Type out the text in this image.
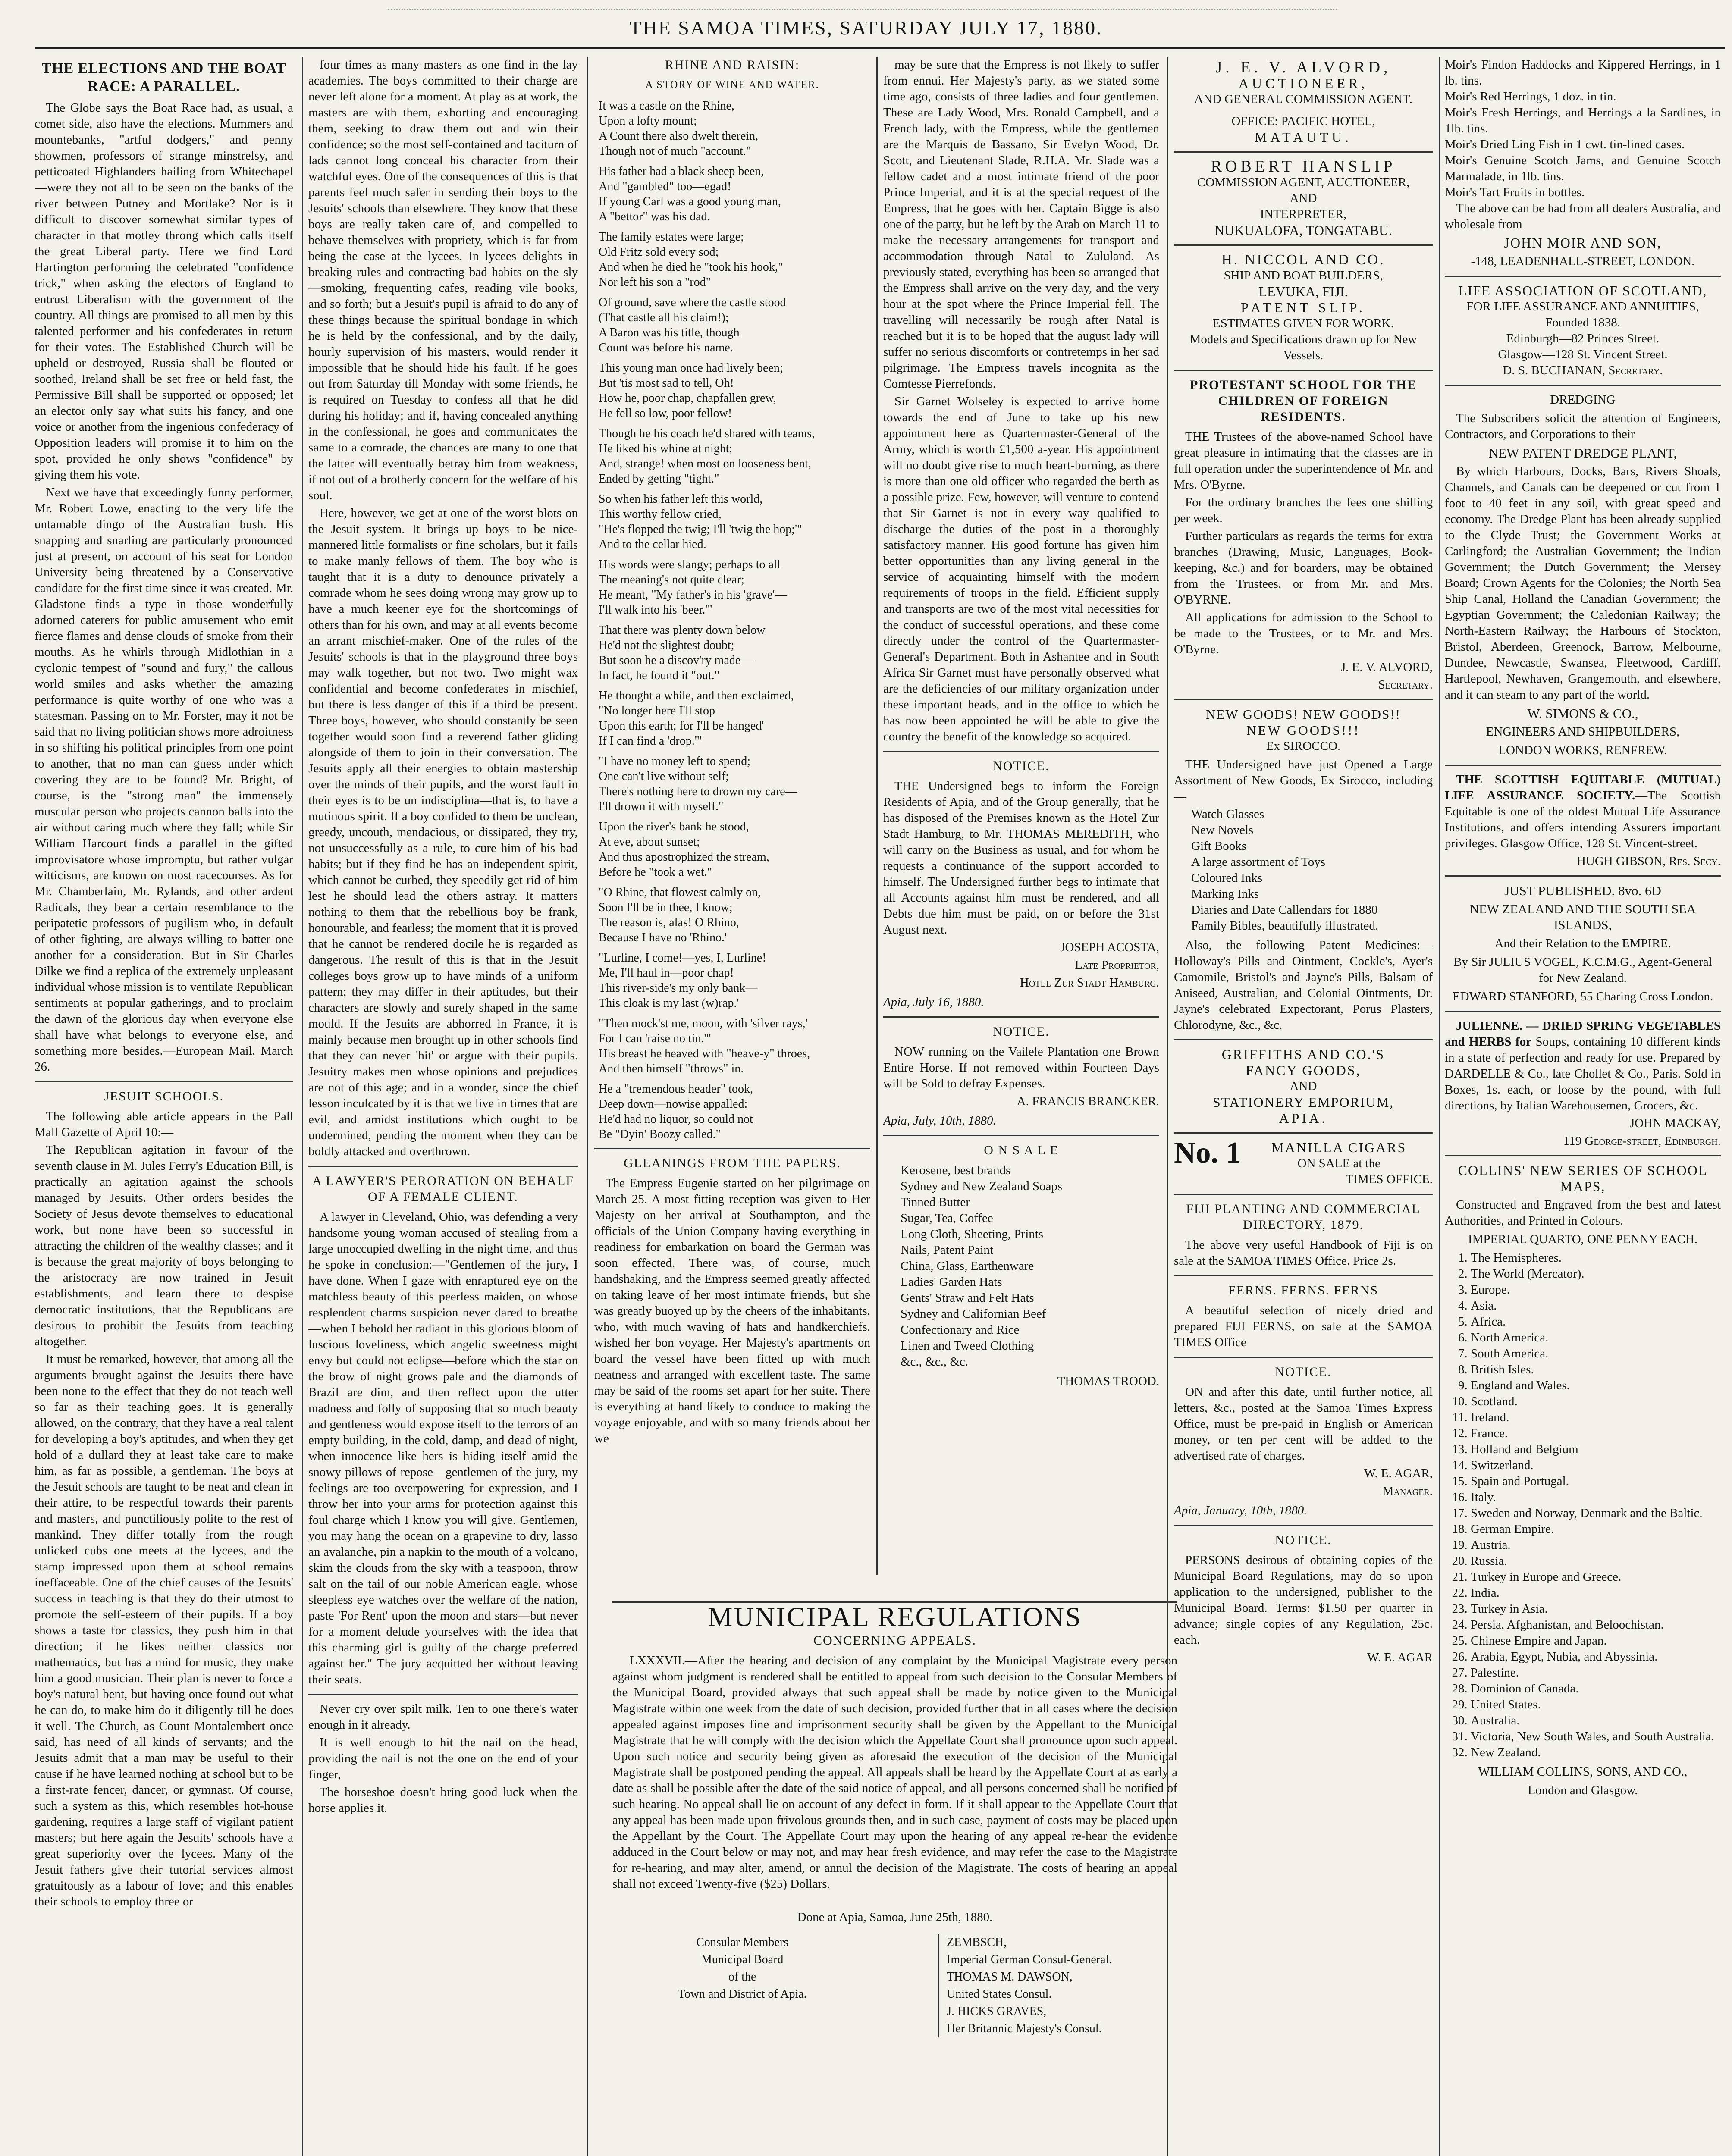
THE SAMOA TIMES, SATURDAY JULY 17, 1880.
THE ELECTIONS AND THE BOAT RACE: A PARALLEL.

The Globe says the Boat Race had, as usual, a comet side, also have the elections. Mummers and mountebanks, "artful dodgers," and penny showmen, professors of strange minstrelsy, and petticoated Highlanders hailing from Whitechapel—were they not all to be seen on the banks of the river between Putney and Mortlake? Nor is it difficult to discover somewhat similar types of character in that motley throng which calls itself the great Liberal party. Here we find Lord Hartington performing the celebrated "confidence trick," when asking the electors of England to entrust Liberalism with the government of the country. All things are promised to all men by this talented performer and his confederates in return for their votes. The Established Church will be upheld or destroyed, Russia shall be flouted or soothed, Ireland shall be set free or held fast, the Permissive Bill shall be supported or opposed; let an elector only say what suits his fancy, and one voice or another from the ingenious confederacy of Opposition leaders will promise it to him on the spot, provided he only shows "confidence" by giving them his vote.

Next we have that exceedingly funny performer, Mr. Robert Lowe, enacting to the very life the untamable dingo of the Australian bush. His snapping and snarling are particularly pronounced just at present, on account of his seat for London University being threatened by a Conservative candidate for the first time since it was created. Mr. Gladstone finds a type in those wonderfully adorned caterers for public amusement who emit fierce flames and dense clouds of smoke from their mouths. As he whirls through Midlothian in a cyclonic tempest of "sound and fury," the callous world smiles and asks whether the amazing performance is quite worthy of one who was a statesman. Passing on to Mr. Forster, may it not be said that no living politician shows more adroitness in so shifting his political principles from one point to another, that no man can guess under which covering they are to be found? Mr. Bright, of course, is the "strong man" the immensely muscular person who projects cannon balls into the air without caring much where they fall; while Sir William Harcourt finds a parallel in the gifted improvisatore whose impromptu, but rather vulgar witticisms, are known on most racecourses. As for Mr. Chamberlain, Mr. Rylands, and other ardent Radicals, they bear a certain resemblance to the peripatetic professors of pugilism who, in default of other fighting, are always willing to batter one another for a consideration. But in Sir Charles Dilke we find a replica of the extremely unpleasant individual whose mission is to ventilate Republican sentiments at popular gatherings, and to proclaim the dawn of the glorious day when everyone else shall have what belongs to everyone else, and something more besides.—European Mail, March 26.

JESUIT SCHOOLS.

The following able article appears in the Pall Mall Gazette of April 10:—

The Republican agitation in favour of the seventh clause in M. Jules Ferry's Education Bill, is practically an agitation against the schools managed by Jesuits. Other orders besides the Society of Jesus devote themselves to educational work, but none have been so successful in attracting the children of the wealthy classes; and it is because the great majority of boys belonging to the aristocracy are now trained in Jesuit establishments, and learn there to despise democratic institutions, that the Republicans are desirous to prohibit the Jesuits from teaching altogether.

It must be remarked, however, that among all the arguments brought against the Jesuits there have been none to the effect that they do not teach well so far as their teaching goes. It is generally allowed, on the contrary, that they have a real talent for developing a boy's aptitudes, and when they get hold of a dullard they at least take care to make him, as far as possible, a gentleman. The boys at the Jesuit schools are taught to be neat and clean in their attire, to be respectful towards their parents and masters, and punctiliously polite to the rest of mankind. They differ totally from the rough unlicked cubs one meets at the lycees, and the stamp impressed upon them at school remains ineffaceable. One of the chief causes of the Jesuits' success in teaching is that they do their utmost to promote the self-esteem of their pupils. If a boy shows a taste for classics, they push him in that direction; if he likes neither classics nor mathematics, but has a mind for music, they make him a good musician. Their plan is never to force a boy's natural bent, but having once found out what he can do, to make him do it diligently till he does it well. The Church, as Count Montalembert once said, has need of all kinds of servants; and the Jesuits admit that a man may be useful to their cause if he have learned nothing at school but to be a first-rate fencer, dancer, or gymnast. Of course, such a system as this, which resembles hot-house gardening, requires a large staff of vigilant patient masters; but here again the Jesuits' schools have a great superiority over the lycees. Many of the Jesuit fathers give their tutorial services almost gratuitously as a labour of love; and this enables their schools to employ three or

four times as many masters as one find in the lay academies. The boys committed to their charge are never left alone for a moment. At play as at work, the masters are with them, exhorting and encouraging them, seeking to draw them out and win their confidence; so the most self-contained and taciturn of lads cannot long conceal his character from their watchful eyes. One of the consequences of this is that parents feel much safer in sending their boys to the Jesuits' schools than elsewhere. They know that these boys are really taken care of, and compelled to behave themselves with propriety, which is far from being the case at the lycees. In lycees delights in breaking rules and contracting bad habits on the sly—smoking, frequenting cafes, reading vile books, and so forth; but a Jesuit's pupil is afraid to do any of these things because the spiritual bondage in which he is held by the confessional, and by the daily, hourly supervision of his masters, would render it impossible that he should hide his fault. If he goes out from Saturday till Monday with some friends, he is required on Tuesday to confess all that he did during his holiday; and if, having concealed anything in the confessional, he goes and communicates the same to a comrade, the chances are many to one that the latter will eventually betray him from weakness, if not out of a brotherly concern for the welfare of his soul.

Here, however, we get at one of the worst blots on the Jesuit system. It brings up boys to be nice-mannered little formalists or fine scholars, but it fails to make manly fellows of them. The boy who is taught that it is a duty to denounce privately a comrade whom he sees doing wrong may grow up to have a much keener eye for the shortcomings of others than for his own, and may at all events become an arrant mischief-maker. One of the rules of the Jesuits' schools is that in the playground three boys may walk together, but not two. Two might wax confidential and become confederates in mischief, but there is less danger of this if a third be present. Three boys, however, who should constantly be seen together would soon find a reverend father gliding alongside of them to join in their conversation. The Jesuits apply all their energies to obtain mastership over the minds of their pupils, and the worst fault in their eyes is to be un indisciplina—that is, to have a mutinous spirit. If a boy confided to them be unclean, greedy, uncouth, mendacious, or dissipated, they try, not unsuccessfully as a rule, to cure him of his bad habits; but if they find he has an independent spirit, which cannot be curbed, they speedily get rid of him lest he should lead the others astray. It matters nothing to them that the rebellious boy be frank, honourable, and fearless; the moment that it is proved that he cannot be rendered docile he is regarded as dangerous. The result of this is that in the Jesuit colleges boys grow up to have minds of a uniform pattern; they may differ in their aptitudes, but their characters are slowly and surely shaped in the same mould. If the Jesuits are abhorred in France, it is mainly because men brought up in other schools find that they can never 'hit' or argue with their pupils. Jesuitry makes men whose opinions and prejudices are not of this age; and in a wonder, since the chief lesson inculcated by it is that we live in times that are evil, and amidst institutions which ought to be undermined, pending the moment when they can be boldly attacked and overthrown.

A LAWYER'S PERORATION ON BEHALF OF A FEMALE CLIENT.

A lawyer in Cleveland, Ohio, was defending a very handsome young woman accused of stealing from a large unoccupied dwelling in the night time, and thus he spoke in conclusion:—"Gentlemen of the jury, I have done. When I gaze with enraptured eye on the matchless beauty of this peerless maiden, on whose resplendent charms suspicion never dared to breathe—when I behold her radiant in this glorious bloom of luscious loveliness, which angelic sweetness might envy but could not eclipse—before which the star on the brow of night grows pale and the diamonds of Brazil are dim, and then reflect upon the utter madness and folly of supposing that so much beauty and gentleness would expose itself to the terrors of an empty building, in the cold, damp, and dead of night, when innocence like hers is hiding itself amid the snowy pillows of repose—gentlemen of the jury, my feelings are too overpowering for expression, and I throw her into your arms for protection against this foul charge which I know you will give. Gentlemen, you may hang the ocean on a grapevine to dry, lasso an avalanche, pin a napkin to the mouth of a volcano, skim the clouds from the sky with a teaspoon, throw salt on the tail of our noble American eagle, whose sleepless eye watches over the welfare of the nation, paste 'For Rent' upon the moon and stars—but never for a moment delude yourselves with the idea that this charming girl is guilty of the charge preferred against her." The jury acquitted her without leaving their seats.

Never cry over spilt milk. Ten to one there's water enough in it already.

It is well enough to hit the nail on the head, providing the nail is not the one on the end of your finger,

The horseshoe doesn't bring good luck when the horse applies it.

RHINE AND RAISIN:
A STORY OF WINE AND WATER.
It was a castle on the Rhine,
Upon a lofty mount;
A Count there also dwelt therein,
Though not of much "account."
His father had a black sheep been,
And "gambled" too—egad!
If young Carl was a good young man,
A "bettor" was his dad.
The family estates were large;
Old Fritz sold every sod;
And when he died he "took his hook,"
Nor left his son a "rod"
Of ground, save where the castle stood
(That castle all his claim!);
A Baron was his title, though
Count was before his name.
This young man once had lively been;
But 'tis most sad to tell, Oh!
How he, poor chap, chapfallen grew,
He fell so low, poor fellow!
Though he his coach he'd shared with teams,
He liked his whine at night;
And, strange! when most on looseness bent,
Ended by getting "tight."
So when his father left this world,
This worthy fellow cried,
"He's flopped the twig; I'll 'twig the hop;'"
And to the cellar hied.
His words were slangy; perhaps to all
The meaning's not quite clear;
He meant, "My father's in his 'grave'—
I'll walk into his 'beer.'"
That there was plenty down below
He'd not the slightest doubt;
But soon he a discov'ry made—
In fact, he found it "out."
He thought a while, and then exclaimed,
"No longer here I'll stop
Upon this earth; for I'll be hanged'
If I can find a 'drop.'"
"I have no money left to spend;
One can't live without self;
There's nothing here to drown my care—
I'll drown it with myself."
Upon the river's bank he stood,
At eve, about sunset;
And thus apostrophized the stream,
Before he "took a wet."
"O Rhine, that flowest calmly on,
Soon I'll be in thee, I know;
The reason is, alas! O Rhino,
Because I have no 'Rhino.'
"Lurline, I come!—yes, I, Lurline!
Me, I'll haul in—poor chap!
This river-side's my only bank—
This cloak is my last (w)rap.'
"Then mock'st me, moon, with 'silver rays,'
For I can 'raise no tin.'"
His breast he heaved with "heave-y" throes,
And then himself "throws" in.
He a "tremendous header" took,
Deep down—nowise appalled:
He'd had no liquor, so could not
Be "Dyin' Boozy called."
GLEANINGS FROM THE PAPERS.

The Empress Eugenie started on her pilgrimage on March 25. A most fitting reception was given to Her Majesty on her arrival at Southampton, and the officials of the Union Company having everything in readiness for embarkation on board the German was soon effected. There was, of course, much handshaking, and the Empress seemed greatly affected on taking leave of her most intimate friends, but she was greatly buoyed up by the cheers of the inhabitants, who, with much waving of hats and handkerchiefs, wished her bon voyage. Her Majesty's apartments on board the vessel have been fitted up with much neatness and arranged with excellent taste. The same may be said of the rooms set apart for her suite. There is everything at hand likely to conduce to making the voyage enjoyable, and with so many friends about her we

may be sure that the Empress is not likely to suffer from ennui. Her Majesty's party, as we stated some time ago, consists of three ladies and four gentlemen. These are Lady Wood, Mrs. Ronald Campbell, and a French lady, with the Empress, while the gentlemen are the Marquis de Bassano, Sir Evelyn Wood, Dr. Scott, and Lieutenant Slade, R.H.A. Mr. Slade was a fellow cadet and a most intimate friend of the poor Prince Imperial, and it is at the special request of the Empress, that he goes with her. Captain Bigge is also one of the party, but he left by the Arab on March 11 to make the necessary arrangements for transport and accommodation through Natal to Zululand. As previously stated, everything has been so arranged that the Empress shall arrive on the very day, and the very hour at the spot where the Prince Imperial fell. The travelling will necessarily be rough after Natal is reached but it is to be hoped that the august lady will suffer no serious discomforts or contretemps in her sad pilgrimage. The Empress travels incognita as the Comtesse Pierrefonds.

Sir Garnet Wolseley is expected to arrive home towards the end of June to take up his new appointment here as Quartermaster-General of the Army, which is worth £1,500 a-year. His appointment will no doubt give rise to much heart-burning, as there is more than one old officer who regarded the berth as a possible prize. Few, however, will venture to contend that Sir Garnet is not in every way qualified to discharge the duties of the post in a thoroughly satisfactory manner. His good fortune has given him better opportunities than any living general in the service of acquainting himself with the modern requirements of troops in the field. Efficient supply and transports are two of the most vital necessities for the conduct of successful operations, and these come directly under the control of the Quartermaster-General's Department. Both in Ashantee and in South Africa Sir Garnet must have personally observed what are the deficiencies of our military organization under these important heads, and in the office to which he has now been appointed he will be able to give the country the benefit of the knowledge so acquired.

NOTICE.

THE Undersigned begs to inform the Foreign Residents of Apia, and of the Group generally, that he has disposed of the Premises known as the Hotel Zur Stadt Hamburg, to Mr. THOMAS MEREDITH, who will carry on the Business as usual, and for whom he requests a continuance of the support accorded to himself. The Undersigned further begs to intimate that all Accounts against him must be rendered, and all Debts due him must be paid, on or before the 31st August next.

JOSEPH ACOSTA,
Late Proprietor,
Hotel Zur Stadt Hamburg.
Apia, July 16, 1880.
NOTICE.

NOW running on the Vailele Plantation one Brown Entire Horse. If not removed within Fourteen Days will be Sold to defray Expenses.

A. FRANCIS BRANCKER.
Apia, July, 10th, 1880.
O N S A L E
Kerosene, best brands
Sydney and New Zealand Soaps
Tinned Butter
Sugar, Tea, Coffee
Long Cloth, Sheeting, Prints
Nails, Patent Paint
China, Glass, Earthenware
Ladies' Garden Hats
Gents' Straw and Felt Hats
Sydney and Californian Beef
Confectionary and Rice
Linen and Tweed Clothing
&c., &c., &c.
THOMAS TROOD.
MUNICIPAL REGULATIONS
CONCERNING APPEALS.

LXXXVII.—After the hearing and decision of any complaint by the Municipal Magistrate every person against whom judgment is rendered shall be entitled to appeal from such decision to the Consular Members of the Municipal Board, provided always that such appeal shall be made by notice given to the Municipal Magistrate within one week from the date of such decision, provided further that in all cases where the decision appealed against imposes fine and imprisonment security shall be given by the Appellant to the Municipal Magistrate that he will comply with the decision which the Appellate Court shall pronounce upon such appeal. Upon such notice and security being given as aforesaid the execution of the decision of the Municipal Magistrate shall be postponed pending the appeal. All appeals shall be heard by the Appellate Court at as early a date as shall be possible after the date of the said notice of appeal, and all persons concerned shall be notified of such hearing. No appeal shall lie on account of any defect in form. If it shall appear to the Appellate Court that any appeal has been made upon frivolous grounds then, and in such case, payment of costs may be placed upon the Appellant by the Court. The Appellate Court may upon the hearing of any appeal re-hear the evidence adduced in the Court below or may not, and may hear fresh evidence, and may refer the case to the Magistrate for re-hearing, and may alter, amend, or annul the decision of the Magistrate. The costs of hearing an appeal shall not exceed Twenty-five ($25) Dollars.

Done at Apia, Samoa, June 25th, 1880.

Consular Members
Municipal Board
of the
Town and District of Apia.
ZEMBSCH,
Imperial German Consul-General.
THOMAS M. DAWSON,
United States Consul.
J. HICKS GRAVES,
Her Britannic Majesty's Consul.
J. E. V. ALVORD,
AUCTIONEER,
AND GENERAL COMMISSION AGENT.
OFFICE: PACIFIC HOTEL,
MATAUTU.
ROBERT HANSLIP
COMMISSION AGENT, AUCTIONEER,
AND
INTERPRETER,
NUKUALOFA, TONGATABU.
H. NICCOL AND CO.
SHIP AND BOAT BUILDERS,
LEVUKA, FIJI.
PATENT SLIP.
ESTIMATES GIVEN FOR WORK.
Models and Specifications drawn up for New Vessels.
PROTESTANT SCHOOL FOR THE CHILDREN OF FOREIGN RESIDENTS.

THE Trustees of the above-named School have great pleasure in intimating that the classes are in full operation under the superintendence of Mr. and Mrs. O'Byrne.

For the ordinary branches the fees one shilling per week.

Further particulars as regards the terms for extra branches (Drawing, Music, Languages, Book-keeping, &c.) and for boarders, may be obtained from the Trustees, or from Mr. and Mrs. O'BYRNE.

All applications for admission to the School to be made to the Trustees, or to Mr. and Mrs. O'Byrne.

J. E. V. ALVORD,
Secretary.
NEW GOODS! NEW GOODS!!
NEW GOODS!!!
Ex SIROCCO.

THE Undersigned have just Opened a Large Assortment of New Goods, Ex Sirocco, including—

Watch Glasses
New Novels
Gift Books
A large assortment of Toys
Coloured Inks
Marking Inks
Diaries and Date Callendars for 1880
Family Bibles, beautifully illustrated.

Also, the following Patent Medicines:—Holloway's Pills and Ointment, Cockle's, Ayer's Camomile, Bristol's and Jayne's Pills, Balsam of Aniseed, Australian, and Colonial Ointments, Dr. Jayne's celebrated Expectorant, Porus Plasters, Chlorodyne, &c., &c.

GRIFFITHS AND CO.'S
FANCY GOODS,
AND
STATIONERY EMPORIUM,
APIA.
No. 1	MANILLA CIGARS
ON SALE at the
TIMES OFFICE.
FIJI PLANTING AND COMMERCIAL DIRECTORY, 1879.

The above very useful Handbook of Fiji is on sale at the SAMOA TIMES Office. Price 2s.

FERNS. FERNS. FERNS

A beautiful selection of nicely dried and prepared FIJI FERNS, on sale at the SAMOA TIMES Office

NOTICE.

ON and after this date, until further notice, all letters, &c., posted at the Samoa Times Express Office, must be pre-paid in English or American money, or ten per cent will be added to the advertised rate of charges.

W. E. AGAR,
Manager.
Apia, January, 10th, 1880.
NOTICE.

PERSONS desirous of obtaining copies of the Municipal Board Regulations, may do so upon application to the undersigned, publisher to the Municipal Board. Terms: $1.50 per quarter in advance; single copies of any Regulation, 25c. each.

W. E. AGAR
Moir's Findon Haddocks and Kippered Herrings, in 1 lb. tins.
Moir's Red Herrings, 1 doz. in tin.
Moir's Fresh Herrings, and Herrings a la Sardines, in 1lb. tins.
Moir's Dried Ling Fish in 1 cwt. tin-lined cases.
Moir's Genuine Scotch Jams, and Genuine Scotch Marmalade, in 1lb. tins.
Moir's Tart Fruits in bottles.

The above can be had from all dealers Australia, and wholesale from

JOHN MOIR AND SON,
-148, LEADENHALL-STREET, LONDON.
LIFE ASSOCIATION OF SCOTLAND,
FOR LIFE ASSURANCE AND ANNUITIES,
Founded 1838.
Edinburgh—82 Princes Street.
Glasgow—128 St. Vincent Street.
D. S. BUCHANAN, Secretary.
DREDGING

The Subscribers solicit the attention of Engineers, Contractors, and Corporations to their

NEW PATENT DREDGE PLANT,

By which Harbours, Docks, Bars, Rivers Shoals, Channels, and Canals can be deepened or cut from 1 foot to 40 feet in any soil, with great speed and economy. The Dredge Plant has been already supplied to the Clyde Trust; the Government Works at Carlingford; the Australian Government; the Indian Government; the Dutch Government; the Mersey Board; Crown Agents for the Colonies; the North Sea Ship Canal, Holland the Canadian Government; the Egyptian Government; the Caledonian Railway; the North-Eastern Railway; the Harbours of Stockton, Bristol, Aberdeen, Greenock, Barrow, Melbourne, Dundee, Newcastle, Swansea, Fleetwood, Cardiff, Hartlepool, Newhaven, Grangemouth, and elsewhere, and it can steam to any part of the world.

W. SIMONS & CO.,
ENGINEERS AND SHIPBUILDERS,
LONDON WORKS, RENFREW.

THE SCOTTISH EQUITABLE (MUTUAL) LIFE ASSURANCE SOCIETY.—The Scottish Equitable is one of the oldest Mutual Life Assurance Institutions, and offers intending Assurers important privileges. Glasgow Office, 128 St. Vincent-street.

HUGH GIBSON, Res. Secy.
JUST PUBLISHED. 8vo. 6D
NEW ZEALAND AND THE SOUTH SEA ISLANDS,
And their Relation to the EMPIRE.
By Sir JULIUS VOGEL, K.C.M.G., Agent-General for New Zealand.
EDWARD STANFORD, 55 Charing Cross London.

JULIENNE. — DRIED SPRING VEGETABLES and HERBS for Soups, containing 10 different kinds in a state of perfection and ready for use. Prepared by DARDELLE & Co., late Chollet & Co., Paris. Sold in Boxes, 1s. each, or loose by the pound, with full directions, by Italian Warehousemen, Grocers, &c.

JOHN MACKAY,
119 George-street, Edinburgh.
COLLINS' NEW SERIES OF SCHOOL MAPS,

Constructed and Engraved from the best and latest Authorities, and Printed in Colours.

IMPERIAL QUARTO, ONE PENNY EACH.
1. The Hemispheres.
2. The World (Mercator).
3. Europe.
4. Asia.
5. Africa.
6. North America.
7. South America.
8. British Isles.
9. England and Wales.
10. Scotland.
11. Ireland.
12. France.
13. Holland and Belgium
14. Switzerland.
15. Spain and Portugal.
16. Italy.
17. Sweden and Norway, Denmark and the Baltic.
18. German Empire.
19. Austria.
20. Russia.
21. Turkey in Europe and Greece.
22. India.
23. Turkey in Asia.
24. Persia, Afghanistan, and Beloochistan.
25. Chinese Empire and Japan.
26. Arabia, Egypt, Nubia, and Abyssinia.
27. Palestine.
28. Dominion of Canada.
29. United States.
30. Australia.
31. Victoria, New South Wales, and South Australia.
32. New Zealand.
WILLIAM COLLINS, SONS, AND CO.,
London and Glasgow.
